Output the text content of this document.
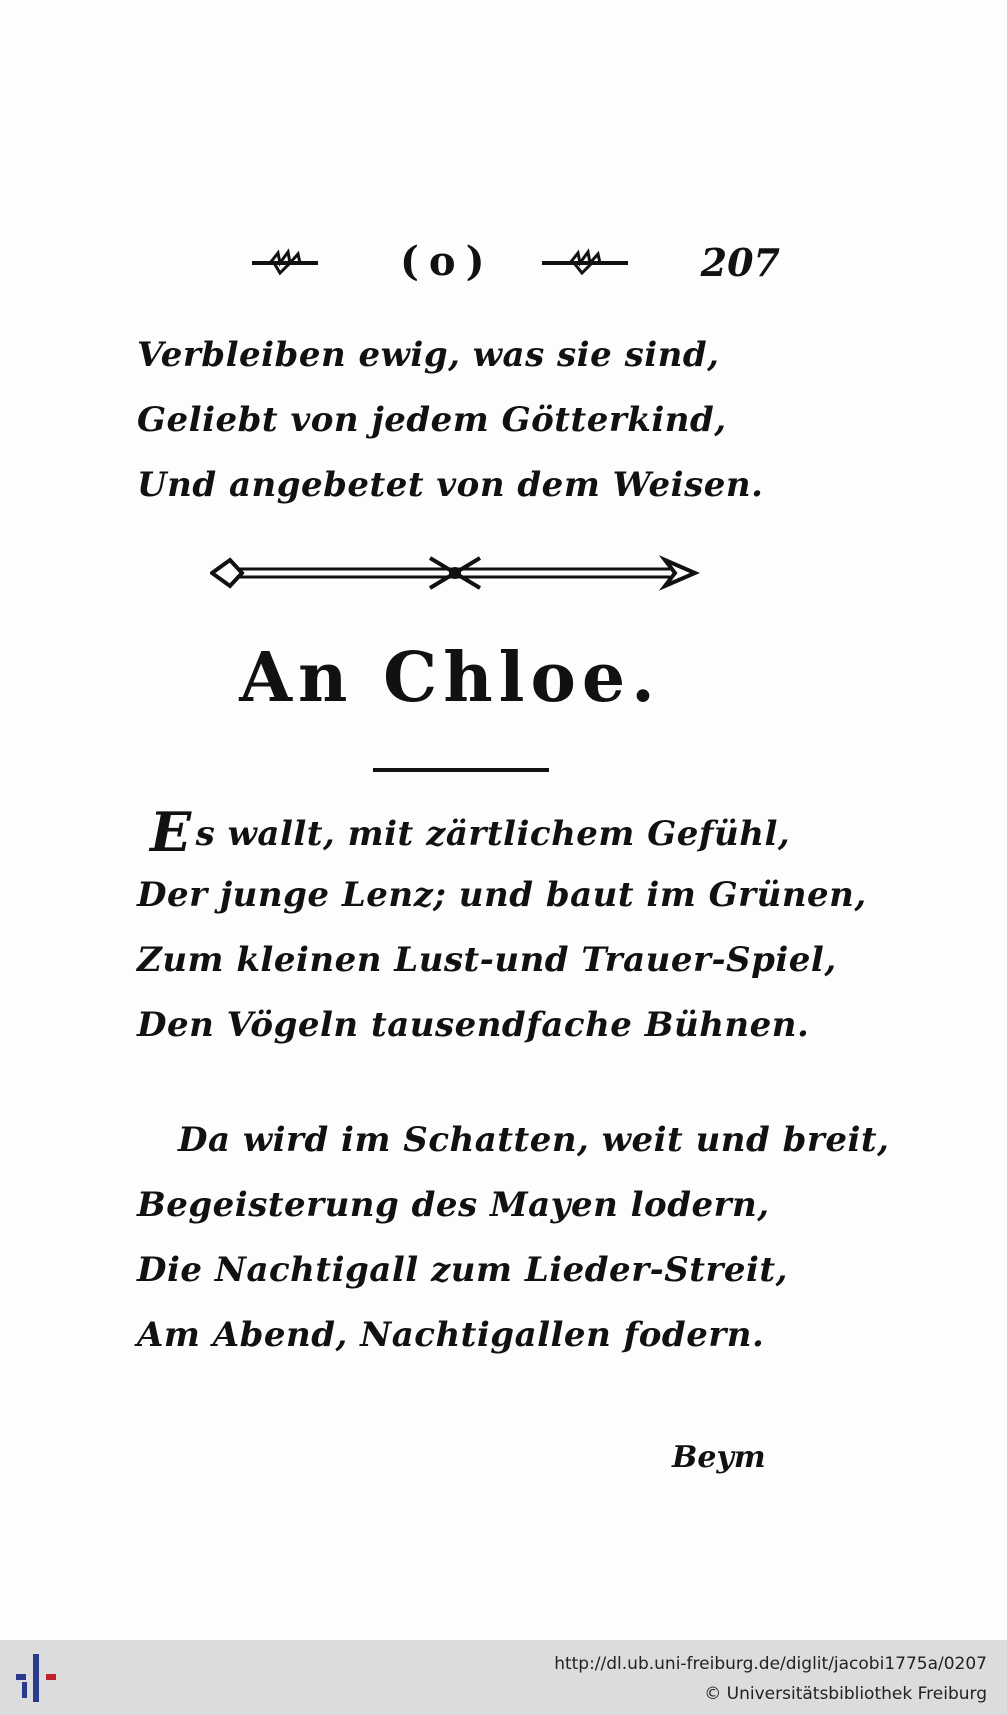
(o)	207
Verbleiben ewig, was sie sind,
Geliebt von jedem Götterkind,
Und angebetet von dem Weisen.
An Chloe.
Es wallt, mit zärtlichem Gefühl,
Der junge Lenz; und baut im Grünen,
Zum kleinen Lust-und Trauer-Spiel,
Den Vögeln tausendfache Bühnen.
Da wird im Schatten, weit und breit,
Begeisterung des Mayen lodern,
Die Nachtigall zum Lieder-Streit,
Am Abend, Nachtigallen fodern.
Beym
http://dl.ub.uni-freiburg.de/diglit/jacobi1775a/0207
© Universitätsbibliothek Freiburg
